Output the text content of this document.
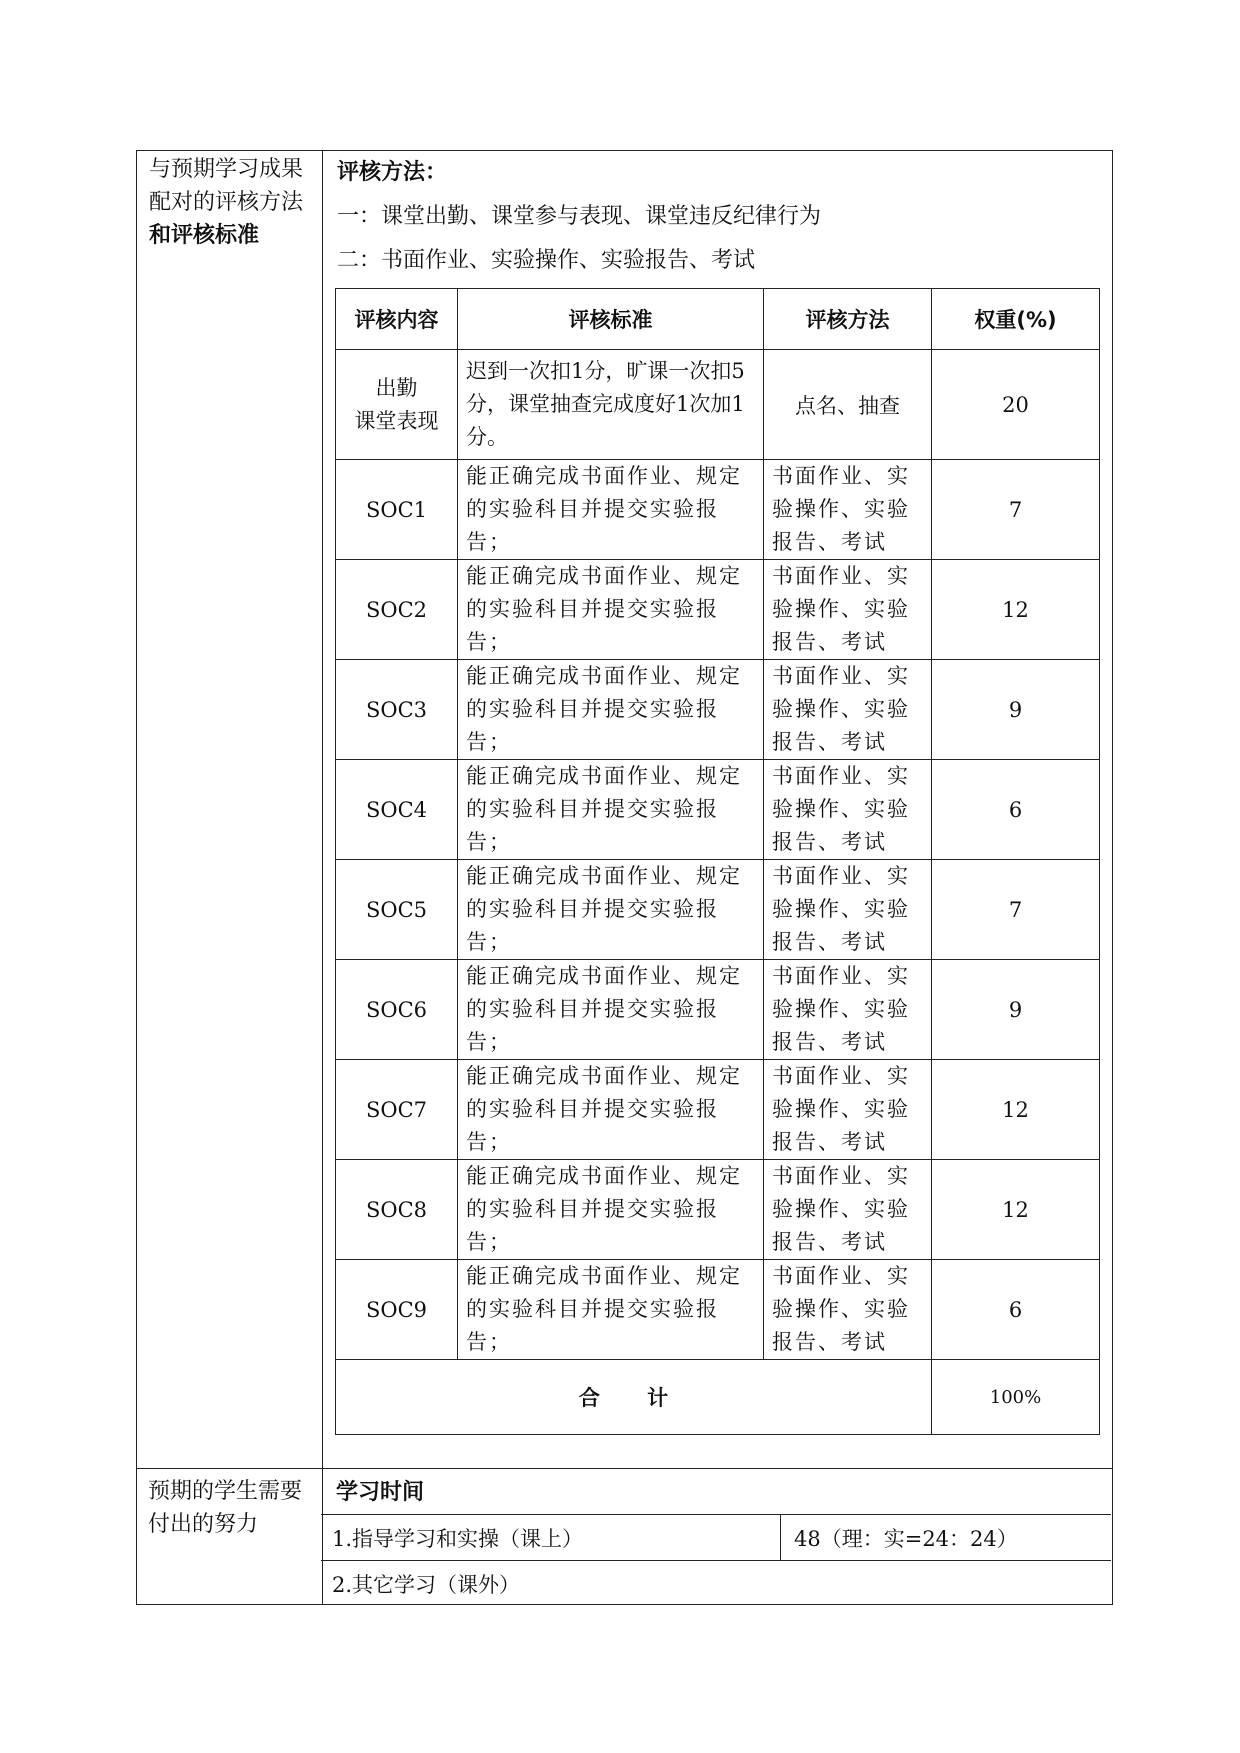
与预期学习成果
配对的评核方法
和评核标准
评核方法：
一：课堂出勤、课堂参与表现、课堂违反纪律行为
二：书面作业、实验操作、实验报告、考试
评核内容	评核标准	评核方法	权重(%)

出勤
课堂表现	迟到一次扣1分，旷课一次扣5分，课堂抽查完成度好1次加1分。	点名、抽查	20
SOC1	能正确完成书面作业、规定的实验科目并提交实验报告；	书面作业、实验操作、实验报告、考试	7
SOC2	能正确完成书面作业、规定的实验科目并提交实验报告；	书面作业、实验操作、实验报告、考试	12
SOC3	能正确完成书面作业、规定的实验科目并提交实验报告；	书面作业、实验操作、实验报告、考试	9
SOC4	能正确完成书面作业、规定的实验科目并提交实验报告；	书面作业、实验操作、实验报告、考试	6
SOC5	能正确完成书面作业、规定的实验科目并提交实验报告；	书面作业、实验操作、实验报告、考试	7
SOC6	能正确完成书面作业、规定的实验科目并提交实验报告；	书面作业、实验操作、实验报告、考试	9
SOC7	能正确完成书面作业、规定的实验科目并提交实验报告；	书面作业、实验操作、实验报告、考试	12
SOC8	能正确完成书面作业、规定的实验科目并提交实验报告；	书面作业、实验操作、实验报告、考试	12
SOC9	能正确完成书面作业、规定的实验科目并提交实验报告；	书面作业、实验操作、实验报告、考试	6
合 计			100%
预期的学生需要
付出的努力
学习时间
1.指导学习和实操（课上）	48（理：实=24：24）
2.其它学习（课外）
